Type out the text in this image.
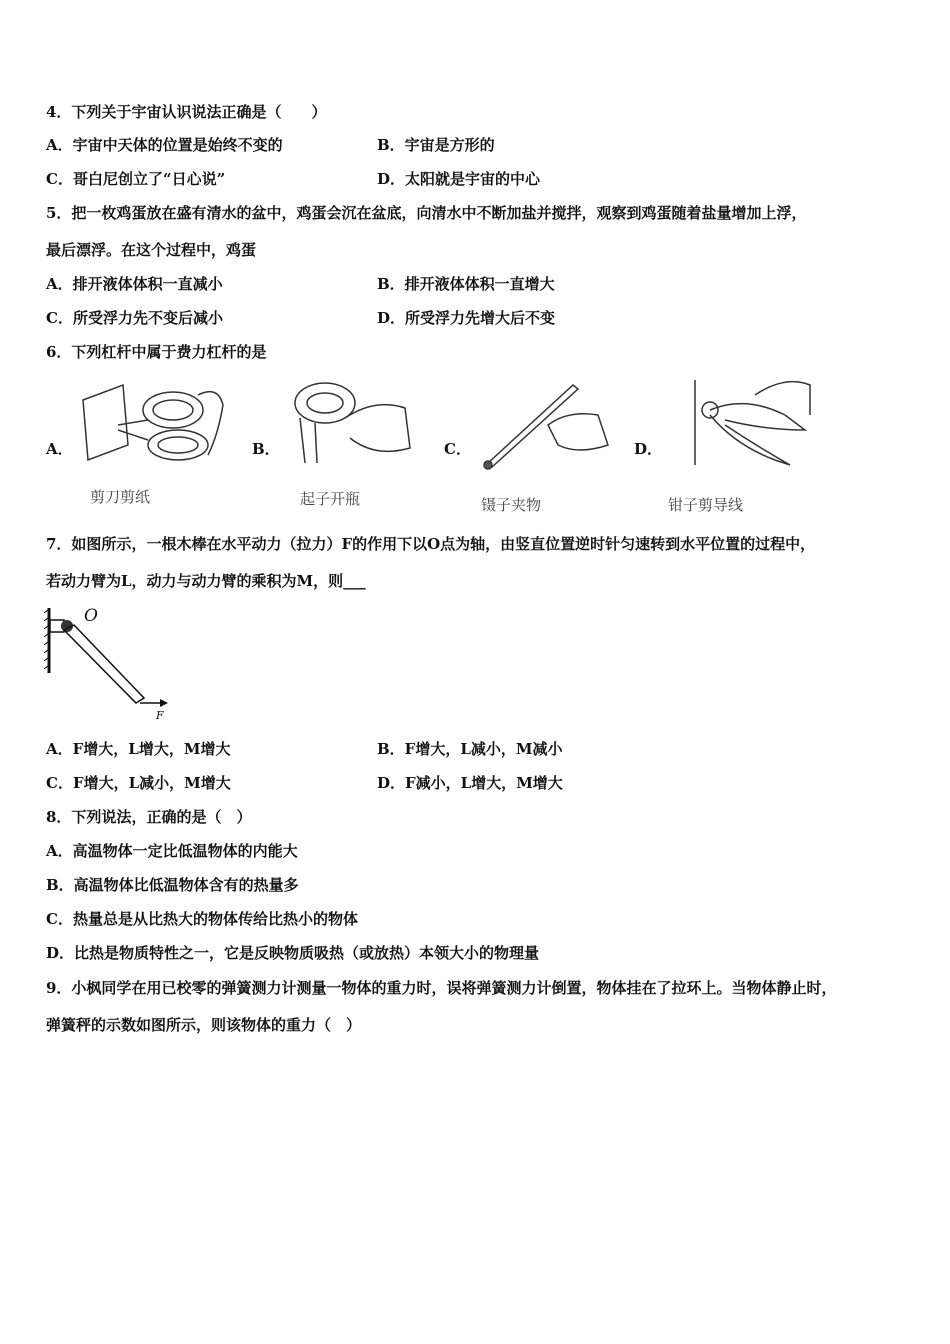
4．下列关于宇宙认识说法正确是（　　）
A．宇宙中天体的位置是始终不变的	B．宇宙是方形的
C．哥白尼创立了“日心说”	D．太阳就是宇宙的中心
5．把一枚鸡蛋放在盛有清水的盆中，鸡蛋会沉在盆底，向清水中不断加盐并搅拌，观察到鸡蛋随着盐量增加上浮，
最后漂浮。在这个过程中，鸡蛋
A．排开液体体积一直减小	B．排开液体体积一直增大
C．所受浮力先不变后减小	D．所受浮力先增大后不变
6．下列杠杆中属于费力杠杆的是
A．	B．	C．	D．
剪刀剪纸	起子开瓶	镊子夹物	钳子剪导线
7．如图所示，一根木棒在水平动力（拉力）F的作用下以O点为轴，由竖直位置逆时针匀速转到水平位置的过程中，
若动力臂为L，动力与动力臂的乘积为M，则___
O
F
A．F增大，L增大，M增大	B．F增大，L减小，M减小
C．F增大，L减小，M增大	D．F减小，L增大，M增大
8．下列说法，正确的是（　）
A．高温物体一定比低温物体的内能大
B．高温物体比低温物体含有的热量多
C．热量总是从比热大的物体传给比热小的物体
D．比热是物质特性之一，它是反映物质吸热（或放热）本领大小的物理量
9．小枫同学在用已校零的弹簧测力计测量一物体的重力时，误将弹簧测力计倒置，物体挂在了拉环上。当物体静止时，
弹簧秤的示数如图所示，则该物体的重力（　）
